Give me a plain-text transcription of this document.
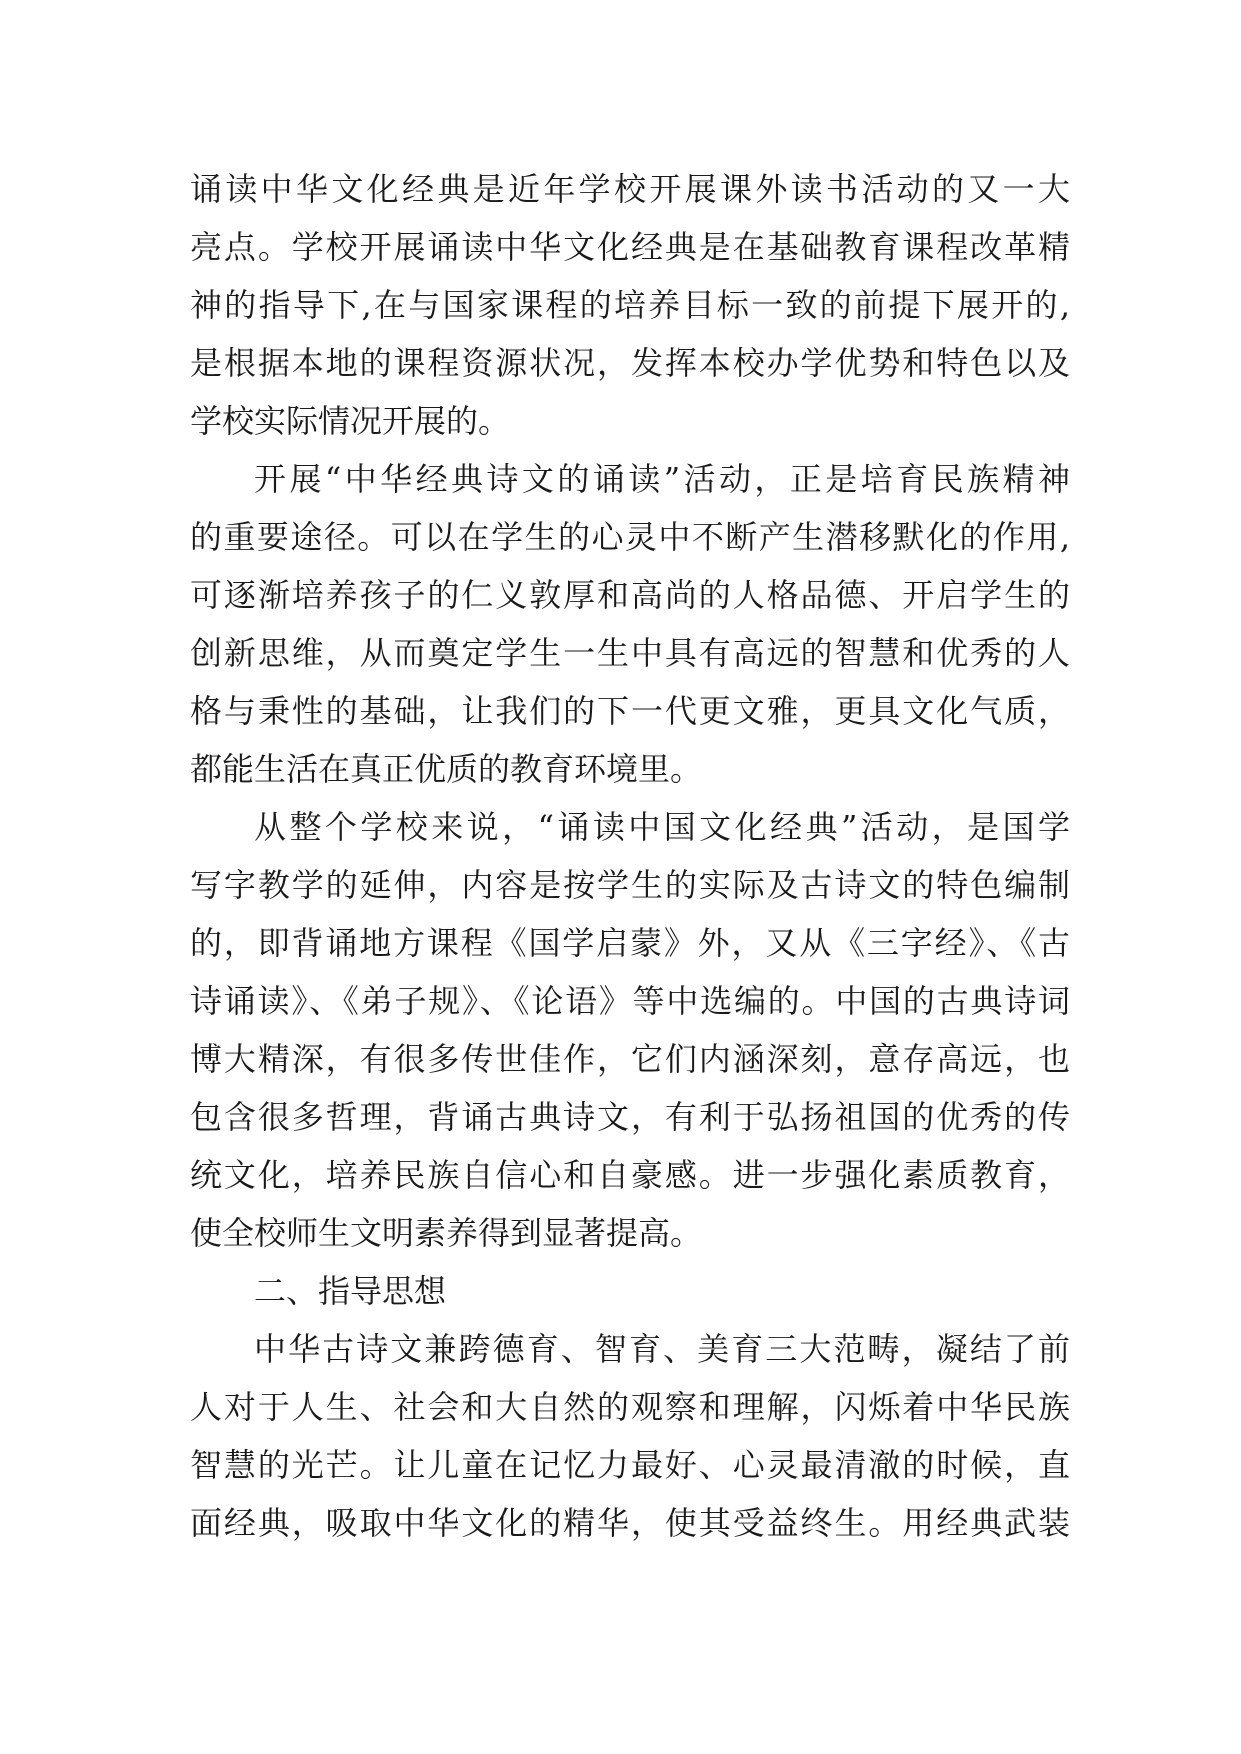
诵读中华文化经典是近年学校开展课外读书活动的又一大
亮点。学校开展诵读中华文化经典是在基础教育课程改革精
神的指导下,在与国家课程的培养目标一致的前提下展开的,
是根据本地的课程资源状况，发挥本校办学优势和特色以及
学校实际情况开展的。
开展“中华经典诗文的诵读”活动，正是培育民族精神
的重要途径。可以在学生的心灵中不断产生潜移默化的作用,
可逐渐培养孩子的仁义敦厚和高尚的人格品德、开启学生的
创新思维，从而奠定学生一生中具有高远的智慧和优秀的人
格与秉性的基础，让我们的下一代更文雅，更具文化气质，
都能生活在真正优质的教育环境里。
从整个学校来说，“诵读中国文化经典”活动，是国学
写字教学的延伸，内容是按学生的实际及古诗文的特色编制
的，即背诵地方课程《国学启蒙》外，又从《三字经》、《古
诗诵读》、《弟子规》、《论语》等中选编的。中国的古典诗词
博大精深，有很多传世佳作，它们内涵深刻，意存高远，也
包含很多哲理，背诵古典诗文，有利于弘扬祖国的优秀的传
统文化，培养民族自信心和自豪感。进一步强化素质教育，
使全校师生文明素养得到显著提高。
二、指导思想
中华古诗文兼跨德育、智育、美育三大范畴，凝结了前
人对于人生、社会和大自然的观察和理解，闪烁着中华民族
智慧的光芒。让儿童在记忆力最好、心灵最清澈的时候，直
面经典，吸取中华文化的精华，使其受益终生。用经典武装
